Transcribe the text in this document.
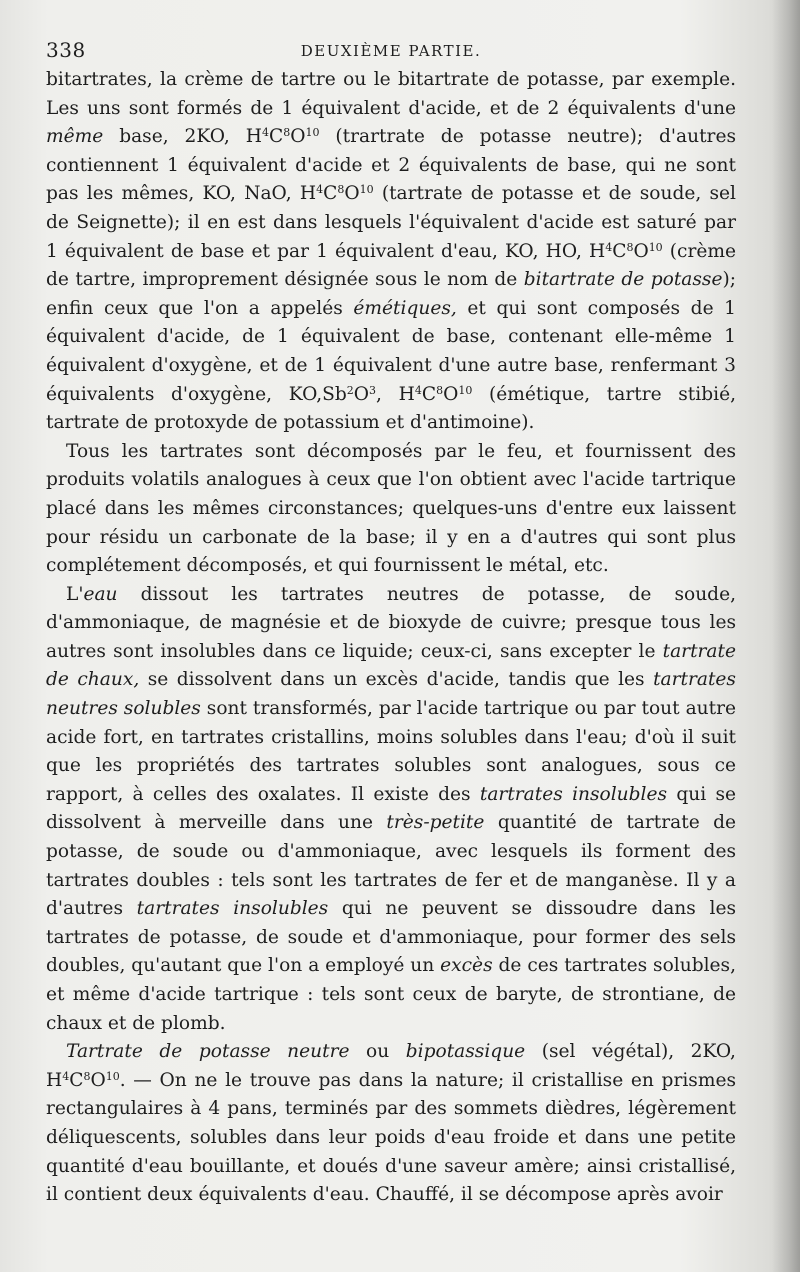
338	DEUXIÈME PARTIE.

bitartrates, la crème de tartre ou le bitartrate de potasse, par exemple. Les uns sont formés de 1 équivalent d'acide, et de 2 équivalents d'une même base, 2KO, $H^4C^8O^{10}$ (trartrate de potasse neutre); d'autres contiennent 1 équivalent d'acide et 2 équivalents de base, qui ne sont pas les mêmes, KO, NaO, $H^4C^8O^{10}$ (tartrate de potasse et de soude, sel de Seignette); il en est dans lesquels l'équivalent d'acide est saturé par 1 équivalent de base et par 1 équivalent d'eau, KO, HO, $H^4C^8O^{10}$ (crème de tartre, improprement désignée sous le nom de bitartrate de potasse); enfin ceux que l'on a appelés émétiques, et qui sont composés de 1 équivalent d'acide, de 1 équivalent de base, contenant elle-même 1 équivalent d'oxygène, et de 1 équivalent d'une autre base, renfermant 3 équivalents d'oxygène, $KO,Sb^2O^3$, $H^4C^8O^{10}$ (émétique, tartre stibié, tartrate de protoxyde de potassium et d'antimoine).

Tous les tartrates sont décomposés par le feu, et fournissent des produits volatils analogues à ceux que l'on obtient avec l'acide tartrique placé dans les mêmes circonstances; quelques-uns d'entre eux laissent pour résidu un carbonate de la base; il y en a d'autres qui sont plus complétement décomposés, et qui fournissent le métal, etc.

L'eau dissout les tartrates neutres de potasse, de soude, d'ammoniaque, de magnésie et de bioxyde de cuivre; presque tous les autres sont insolubles dans ce liquide; ceux-ci, sans excepter le tartrate de chaux, se dissolvent dans un excès d'acide, tandis que les tartrates neutres solubles sont transformés, par l'acide tartrique ou par tout autre acide fort, en tartrates cristallins, moins solubles dans l'eau; d'où il suit que les propriétés des tartrates solubles sont analogues, sous ce rapport, à celles des oxalates. Il existe des tartrates insolubles qui se dissolvent à merveille dans une très-petite quantité de tartrate de potasse, de soude ou d'ammoniaque, avec lesquels ils forment des tartrates doubles : tels sont les tartrates de fer et de manganèse. Il y a d'autres tartrates insolubles qui ne peuvent se dissoudre dans les tartrates de potasse, de soude et d'ammoniaque, pour former des sels doubles, qu'autant que l'on a employé un excès de ces tartrates solubles, et même d'acide tartrique : tels sont ceux de baryte, de strontiane, de chaux et de plomb.

Tartrate de potasse neutre ou bipotassique (sel végétal), 2KO, $H^4C^8O^{10}$. — On ne le trouve pas dans la nature; il cristallise en prismes rectangulaires à 4 pans, terminés par des sommets dièdres, légèrement déliquescents, solubles dans leur poids d'eau froide et dans une petite quantité d'eau bouillante, et doués d'une saveur amère; ainsi cristallisé, il contient deux équivalents d'eau. Chauffé, il se décompose après avoir
